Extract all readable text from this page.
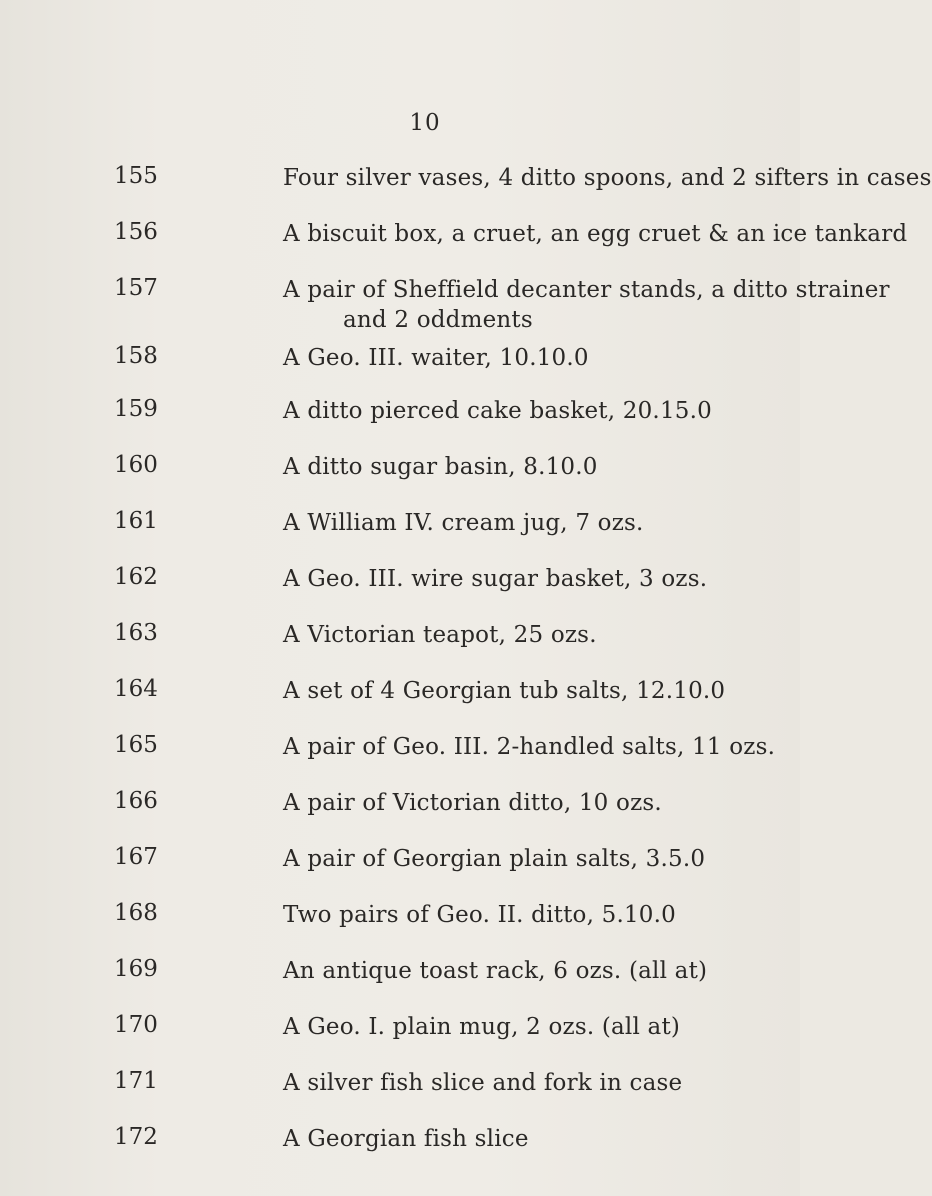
10
155	Four silver vases, 4 ditto spoons, and 2 sifters in cases
156	A biscuit box, a cruet, an egg cruet & an ice tankard
157	A pair of Sheffield decanter stands, a ditto strainer
and 2 oddments
158	A Geo. III. waiter, 10.10.0
159	A ditto pierced cake basket, 20.15.0
160	A ditto sugar basin, 8.10.0
161	A William IV. cream jug, 7 ozs.
162	A Geo. III. wire sugar basket, 3 ozs.
163	A Victorian teapot, 25 ozs.
164	A set of 4 Georgian tub salts, 12.10.0
165	A pair of Geo. III. 2-handled salts, 11 ozs.
166	A pair of Victorian ditto, 10 ozs.
167	A pair of Georgian plain salts, 3.5.0
168	Two pairs of Geo. II. ditto, 5.10.0
169	An antique toast rack, 6 ozs. (all at)
170	A Geo. I. plain mug, 2 ozs. (all at)
171	A silver fish slice and fork in case
172	A Georgian fish slice
